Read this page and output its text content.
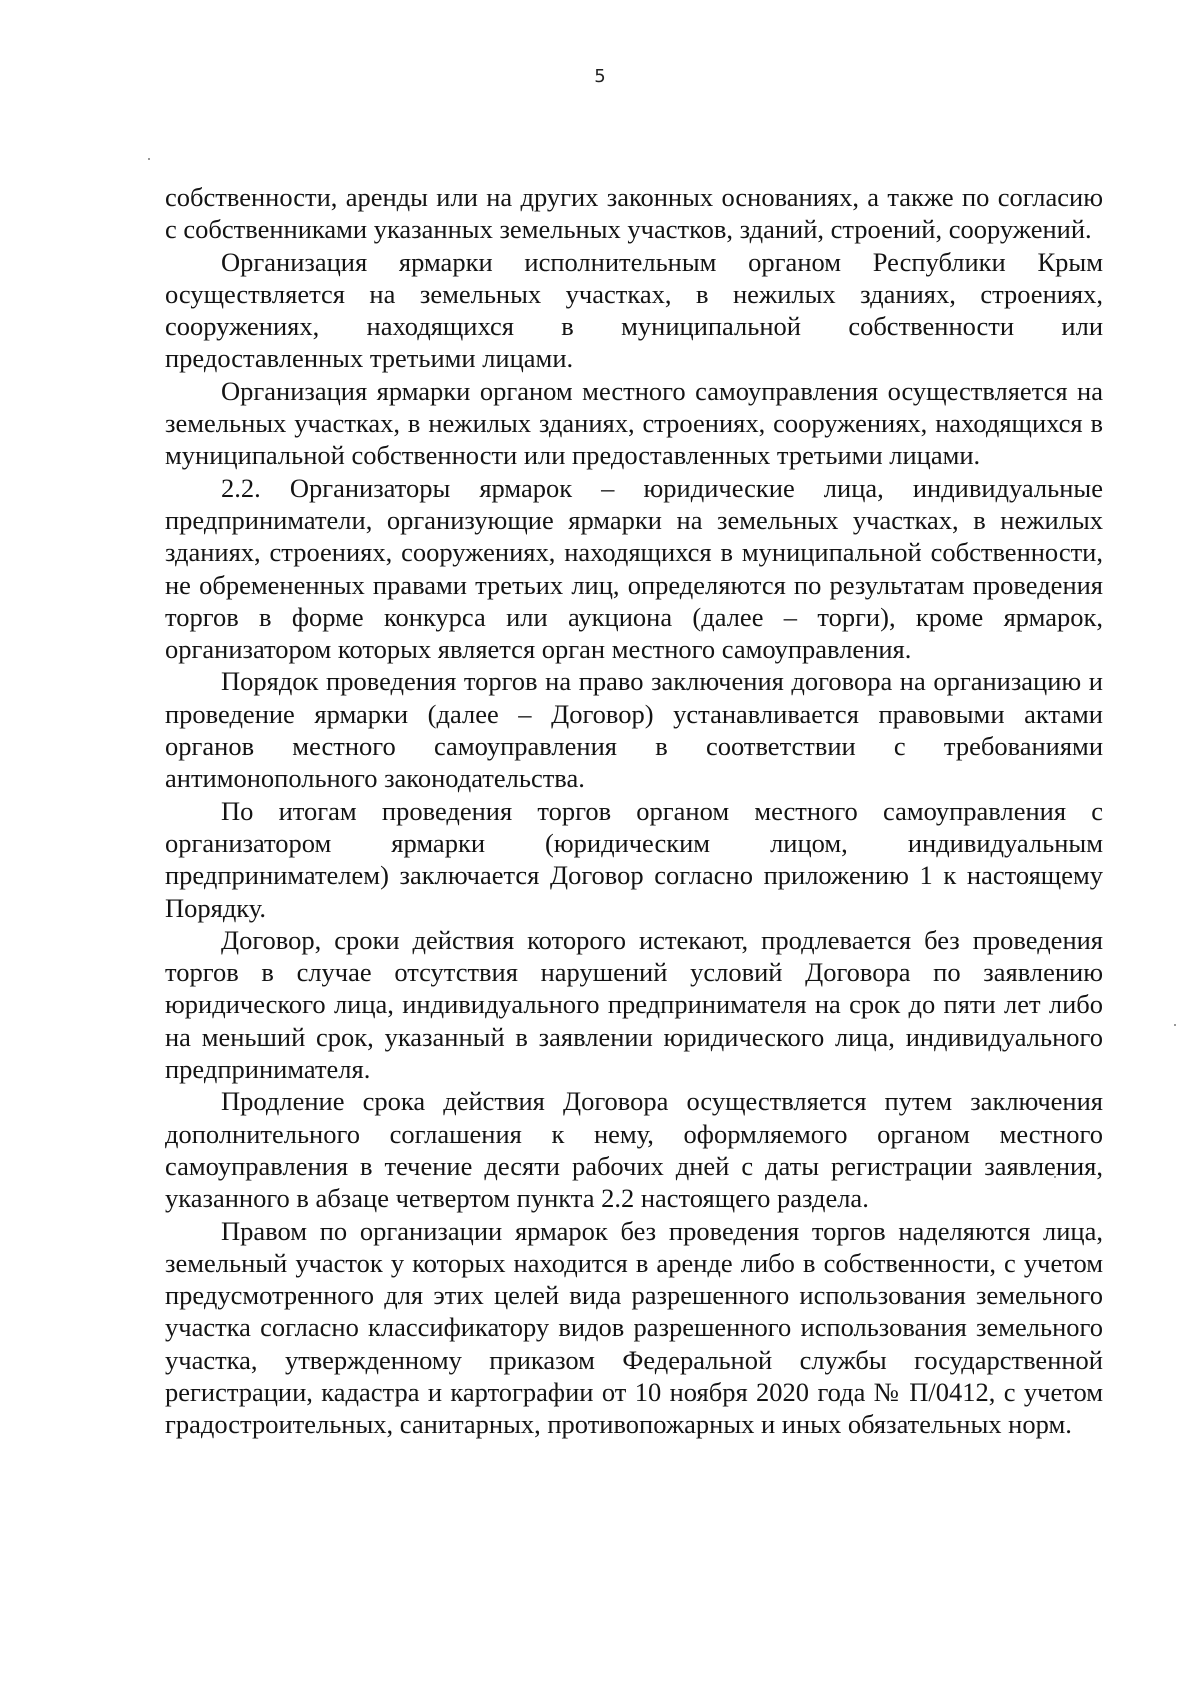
5

собственности, аренды или на других законных основаниях, а также по согласию с собственниками указанных земельных участков, зданий, строений, сооружений.

Организация ярмарки исполнительным органом Республики Крым осуществляется на земельных участках, в нежилых зданиях, строениях, сооружениях, находящихся в муниципальной собственности или предоставленных третьими лицами.

Организация ярмарки органом местного самоуправления осуществляется на земельных участках, в нежилых зданиях, строениях, сооружениях, находящихся в муниципальной собственности или предоставленных третьими лицами.

2.2. Организаторы ярмарок – юридические лица, индивидуальные предприниматели, организующие ярмарки на земельных участках, в нежилых зданиях, строениях, сооружениях, находящихся в муниципальной собственности, не обремененных правами третьих лиц, определяются по результатам проведения торгов в форме конкурса или аукциона (далее – торги), кроме ярмарок, организатором которых является орган местного самоуправления.

Порядок проведения торгов на право заключения договора на организацию и проведение ярмарки (далее – Договор) устанавливается правовыми актами органов местного самоуправления в соответствии с требованиями антимонопольного законодательства.

По итогам проведения торгов органом местного самоуправления с организатором ярмарки (юридическим лицом, индивидуальным предпринимателем) заключается Договор согласно приложению 1 к настоящему Порядку.

Договор, сроки действия которого истекают, продлевается без проведения торгов в случае отсутствия нарушений условий Договора по заявлению юридического лица, индивидуального предпринимателя на срок до пяти лет либо на меньший срок, указанный в заявлении юридического лица, индивидуального предпринимателя.

Продление срока действия Договора осуществляется путем заключения дополнительного соглашения к нему, оформляемого органом местного самоуправления в течение десяти рабочих дней с даты регистрации заявления, указанного в абзаце четвертом пункта 2.2 настоящего раздела.

Правом по организации ярмарок без проведения торгов наделяются лица, земельный участок у которых находится в аренде либо в собственности, с учетом предусмотренного для этих целей вида разрешенного использования земельного участка согласно классификатору видов разрешенного использования земельного участка, утвержденному приказом Федеральной службы государственной регистрации, кадастра и картографии от 10 ноября 2020 года № П/0412, с учетом градостроительных, санитарных, противопожарных и иных обязательных норм.
